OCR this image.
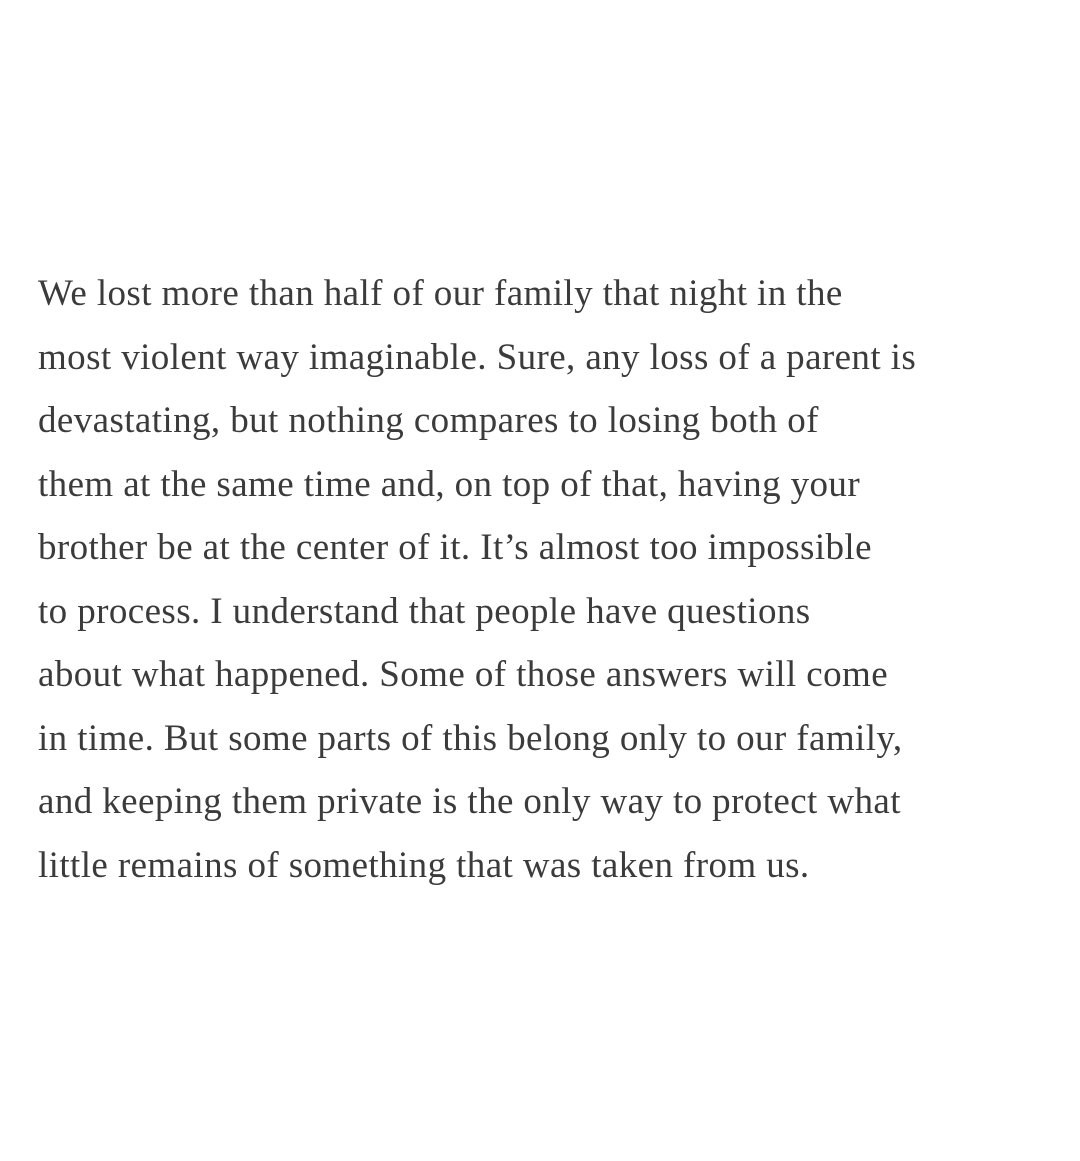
We lost more than half of our family that night in the
most violent way imaginable. Sure, any loss of a parent is
devastating, but nothing compares to losing both of
them at the same time and, on top of that, having your
brother be at the center of it. It’s almost too impossible
to process. I understand that people have questions
about what happened. Some of those answers will come
in time. But some parts of this belong only to our family,
and keeping them private is the only way to protect what
little remains of something that was taken from us.
